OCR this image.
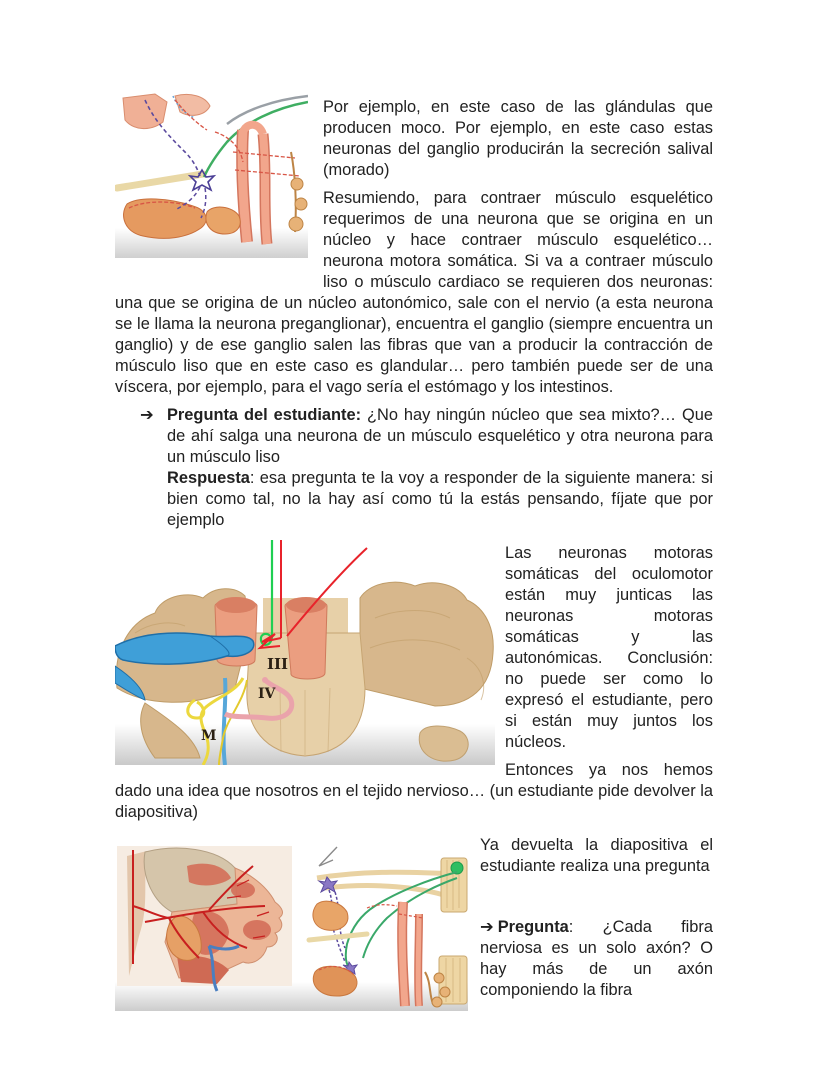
Por ejemplo, en este caso de las glándulas que producen moco. Por ejemplo, en este caso estas neuronas del ganglio producirán la secreción salival (morado)

Resumiendo, para contraer músculo esquelético requerimos de una neurona que se origina en un núcleo y hace contraer músculo esquelético… neurona motora somática. Si va a contraer músculo liso o músculo cardiaco se requieren dos neuronas: una que se origina de un núcleo autonómico, sale con el nervio (a esta neurona se le llama la neurona preganglionar), encuentra el ganglio (siempre encuentra un ganglio) y de ese ganglio salen las fibras que van a producir la contracción de músculo liso que en este caso es glandular… pero también puede ser de una víscera, por ejemplo, para el vago sería el estómago y los intestinos.

➔ Pregunta del estudiante: ¿No hay ningún núcleo que sea mixto?… Que de ahí salga una neurona de un músculo esquelético y otra neurona para un músculo liso
Respuesta: esa pregunta te la voy a responder de la siguiente manera: si bien como tal, no la hay así como tú la estás pensando, fíjate que por ejemplo
III
IV
M

Las neuronas motoras somáticas del oculomotor están muy junticas las neuronas motoras somáticas y las autonómicas. Conclusión: no puede ser como lo expresó el estudiante, pero si están muy juntos los núcleos.

Entonces ya nos hemos dado una idea que nosotros en el tejido nervioso… (un estudiante pide devolver la diapositiva)

Ya devuelta la diapositiva el estudiante realiza una pregunta

➔ Pregunta: ¿Cada fibra nerviosa es un solo axón? O hay más de un axón componiendo la fibra
